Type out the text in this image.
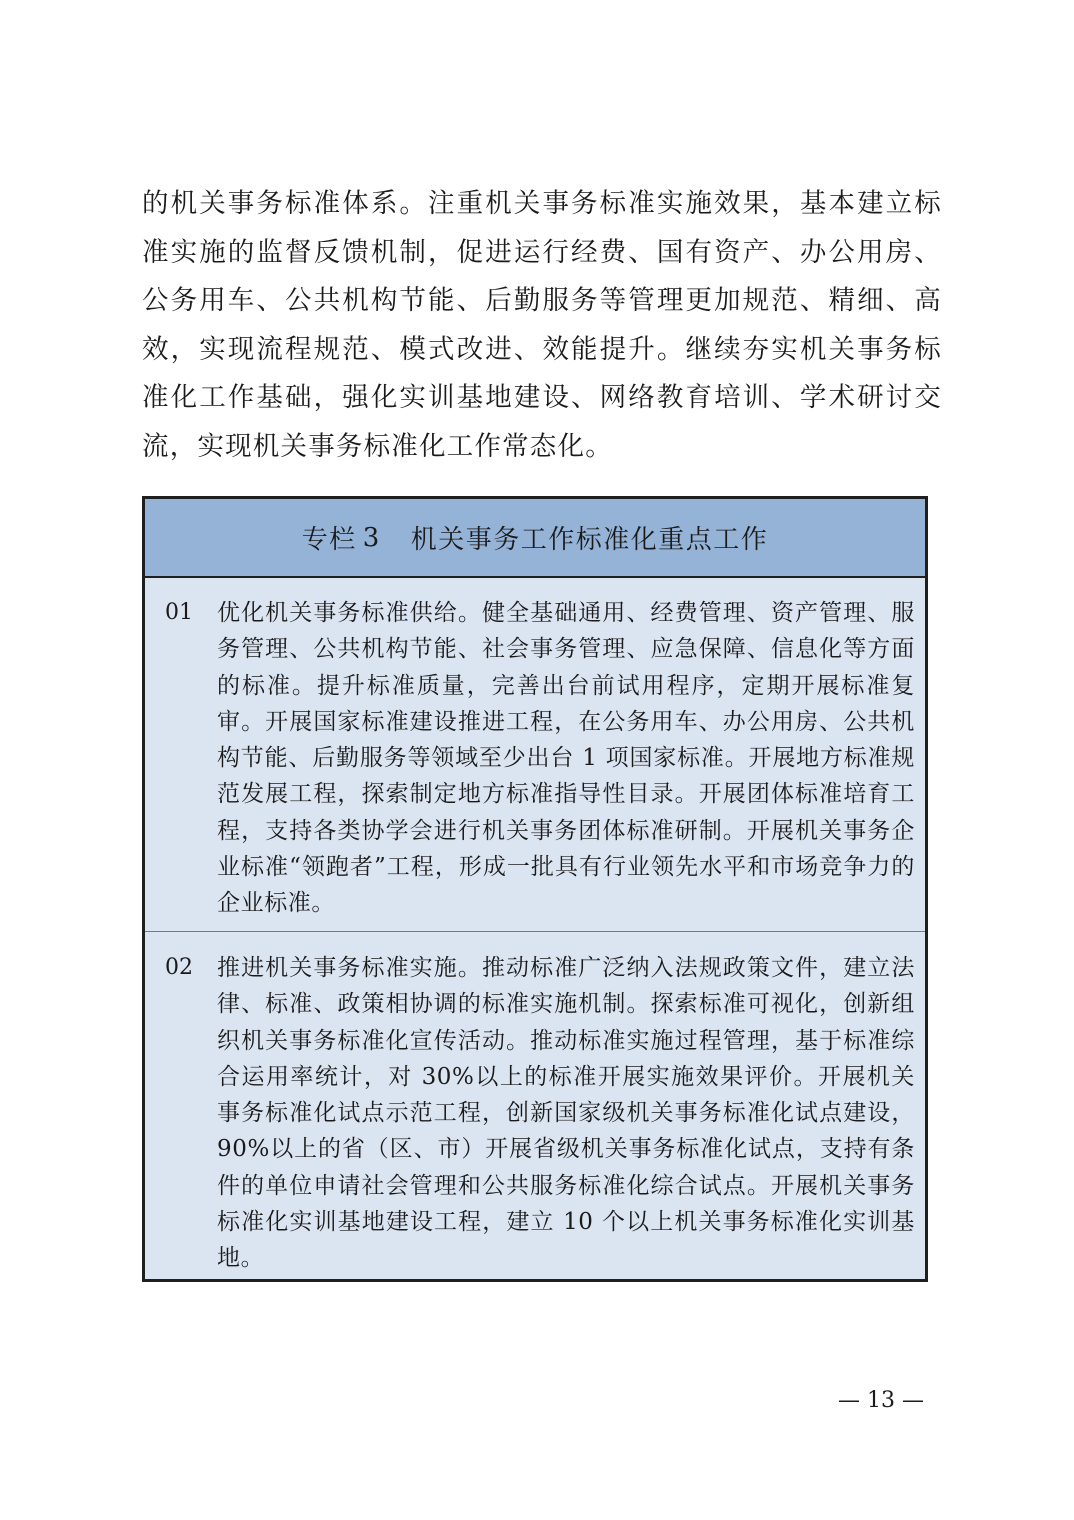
的机关事务标准体系。注重机关事务标准实施效果，基本建立标准实施的监督反馈机制，促进运行经费、国有资产、办公用房、公务用车、公共机构节能、后勤服务等管理更加规范、精细、高效，实现流程规范、模式改进、效能提升。继续夯实机关事务标准化工作基础，强化实训基地建设、网络教育培训、学术研讨交流，实现机关事务标准化工作常态化。

专栏 3 机关事务工作标准化重点工作
01	优化机关事务标准供给。健全基础通用、经费管理、资产管理、服务管理、公共机构节能、社会事务管理、应急保障、信息化等方面的标准。提升标准质量，完善出台前试用程序，定期开展标准复审。开展国家标准建设推进工程，在公务用车、办公用房、公共机构节能、后勤服务等领域至少出台 1 项国家标准。开展地方标准规范发展工程，探索制定地方标准指导性目录。开展团体标准培育工程，支持各类协学会进行机关事务团体标准研制。开展机关事务企业标准“领跑者”工程，形成一批具有行业领先水平和市场竞争力的企业标准。
02	推进机关事务标准实施。推动标准广泛纳入法规政策文件，建立法律、标准、政策相协调的标准实施机制。探索标准可视化，创新组织机关事务标准化宣传活动。推动标准实施过程管理，基于标准综合运用率统计，对 30%以上的标准开展实施效果评价。开展机关事务标准化试点示范工程，创新国家级机关事务标准化试点建设，90%以上的省（区、市）开展省级机关事务标准化试点，支持有条件的单位申请社会管理和公共服务标准化综合试点。开展机关事务标准化实训基地建设工程，建立 10 个以上机关事务标准化实训基地。
— 13 —
